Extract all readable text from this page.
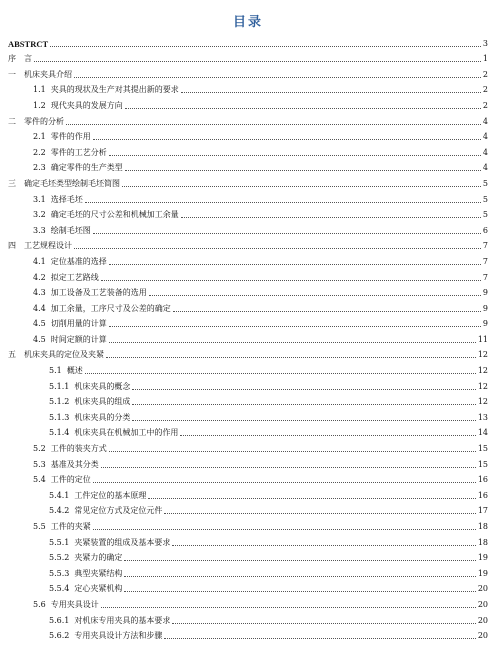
目录
ABSTRCT	3
序　言	1
一 机床夹具介绍	2
1.1 夹具的现状及生产对其提出新的要求	2
1.2 现代夹具的发展方向	2
二 零件的分析	4
2.1 零件的作用	4
2.2 零件的工艺分析	4
2.3 确定零件的生产类型	4
三 确定毛坯类型绘制毛坯简图	5
3.1 选择毛坯	5
3.2 确定毛坯的尺寸公差和机械加工余量	5
3.3 绘制毛坯图	6
四 工艺规程设计	7
4.1 定位基准的选择	7
4.2 拟定工艺路线	7
4.3 加工设备及工艺装备的选用	9
4.4 加工余量，工序尺寸及公差的确定	9
4.5 切削用量的计算	9
4.5 时间定额的计算	11
五 机床夹具的定位及夹紧	12
5.1 概述	12
5.1.1 机床夹具的概念	12
5.1.2 机床夹具的组成	12
5.1.3 机床夹具的分类	13
5.1.4 机床夹具在机械加工中的作用	14
5.2 工件的装夹方式	15
5.3 基准及其分类	15
5.4 工件的定位	16
5.4.1 工件定位的基本原理	16
5.4.2 常见定位方式及定位元件	17
5.5 工件的夹紧	18
5.5.1 夹紧装置的组成及基本要求	18
5.5.2 夹紧力的确定	19
5.5.3 典型夹紧结构	19
5.5.4 定心夹紧机构	20
5.6 专用夹具设计	20
5.6.1 对机床专用夹具的基本要求	20
5.6.2 专用夹具设计方法和步骤	20
